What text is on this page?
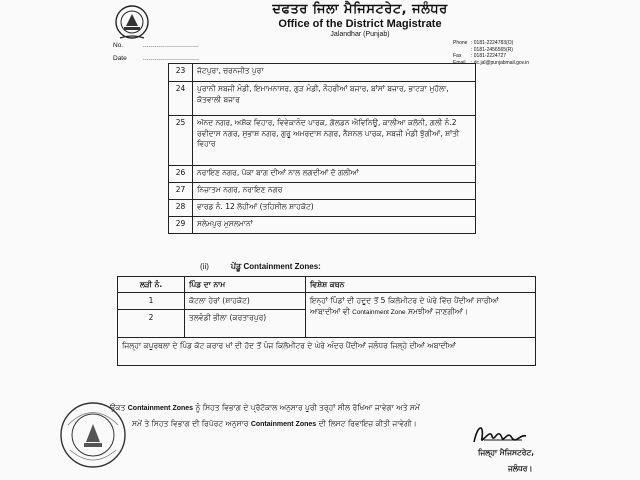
ਦਫਤਰ ਜਿਲਾ ਮੈਜਿਸਟਰੇਟ, ਜਲੰਧਰ
Office of the District Magistrate
Jalandhar (Punjab)
No.	............................
Date	............................
Phone : 0181-2224783(O)
: 0181-2456565(R)
Fax : 0181-2224727
Email : dc.jal@punjabmail.gov.in
23	ਜੱਟਪੁਰਾ, ਚਰਨਜੀਤ ਪੁਰਾ
24	ਪੁਰਾਨੀ ਸਬਜੀ ਮੰਡੀ, ਇਮਾਮਨਾਸਰ, ਗੁੜ ਮੰਡੀ, ਨੌਹਰੀਆਂ ਬਜਾਰ, ਬਾਂਸਾਂ ਬਜਾਰ, ਭਾਟੜਾ ਮੁਹੱਲਾ, ਕੋਤਵਾਲੀ ਬਜਾਰ
25	ਅੱਨਦ ਨਗਰ, ਅਸ਼ੋਕ ਵਿਹਾਰ, ਵਿਵੇਕਾਨੰਦ ਪਾਰਕ, ਗੋਲਡਨ ਐਵਿਨਿਊ, ਕਾਲੀਆ ਕਲੋਨੀ, ਗਲੀ ਨੰ.2 ਰਵੀਦਾਸ ਨਗਰ, ਸੁਭਾਸ਼ ਨਗਰ, ਗੁਰੂ ਅਮਰਦਾਸ ਨਗਰ, ਨੈਸ਼ਨਲ ਪਾਰਕ, ਸਬਜੀ ਮੰਡੀ ਝੁੱਗੀਆਂ, ਸ਼ਾਂਤੀ ਵਿਹਾਰ
26	ਨਰਾਇਣ ਨਗਰ, ਪੱਕਾ ਬਾਗ ਦੀਆਂ ਨਾਲ ਲਗਦੀਆਂ ਦੋ ਗਲੀਆਂ
27	ਨਿਜ਼ਾਤਮ ਨਗਰ, ਨਰਾਇਣ ਨਗਰ
28	ਵਾਰਡ ਨੰ. 12 ਲੋਹੀਆਂ (ਤਹਿਸੀਲ ਸ਼ਾਹਕੋਟ)
29	ਸਲੇਮਪੁਰ ਮੁਸਲਮਾਨਾਂ
(ii)	ਪੇਂਡੂ Containment Zones:
ਲੜੀ ਨੰ.	ਪਿੰਡ ਦਾ ਨਾਮ	ਵਿਸ਼ੇਸ਼ ਕਥਨ
1	ਕੋਟਲਾ ਹੇਰਾਂ (ਸ਼ਾਹਕੋਟ)	ਇਨ੍ਹਾਂ ਪਿੰਡਾਂ ਦੀ ਹਦੂਦ ਤੋਂ 5 ਕਿਲੋਮੀਟਰ ਦੇ ਘੇਰੇ ਵਿੱਚ ਪੈਂਦੀਆਂ ਸਾਰੀਆਂ ਆਬਾਦੀਆਂ ਵੀ Containment Zone ਸਮਝੀਆਂ ਜਾਣਗੀਆਂ।
2	ਤਲਵੰਡੀ ਭੀਲਾ (ਕਰਤਾਰਪੁਰ)	
ਜਿਲ੍ਹਾ ਕਪੂਰਥਲਾ ਦੇ ਪਿੰਡ ਕੋਟ ਕਰਾਰ ਖਾਂ ਦੀ ਹੱਦ ਤੋਂ ਪੰਜ ਕਿਲੋਮੀਟਰ ਦੇ ਘੇਰੇ ਅੰਦਰ ਪੈਂਦੀਆਂ ਜਲੰਧਰ ਜਿਲ੍ਹੇ ਦੀਆਂ ਅਬਾਦੀਆਂ		
ਉਕਤ Containment Zones ਨੂੰ ਸਿਹਤ ਵਿਭਾਗ ਦੇ ਪ੍ਰੋਟੋਕਾਲ ਅਨੁਸਾਰ ਪੂਰੀ ਤਰ੍ਹਾਂ ਸੀਲ ਰੱਖਿਆ ਜਾਵੇਗਾ ਅਤੇ ਸਮੇਂ
ਸਮੇਂ ਤੇ ਸਿਹਤ ਵਿਭਾਗ ਦੀ ਰਿਪੋਰਟ ਅਨੁਸਾਰ Containment Zones ਦੀ ਲਿਸਟ ਰਿਵਾਇਜ਼ ਕੀਤੀ ਜਾਵੇਗੀ।
ਜਿਲ੍ਹਾ ਮੈਜਿਸਟਰੇਟ,
ਜਲੰਧਰ।
